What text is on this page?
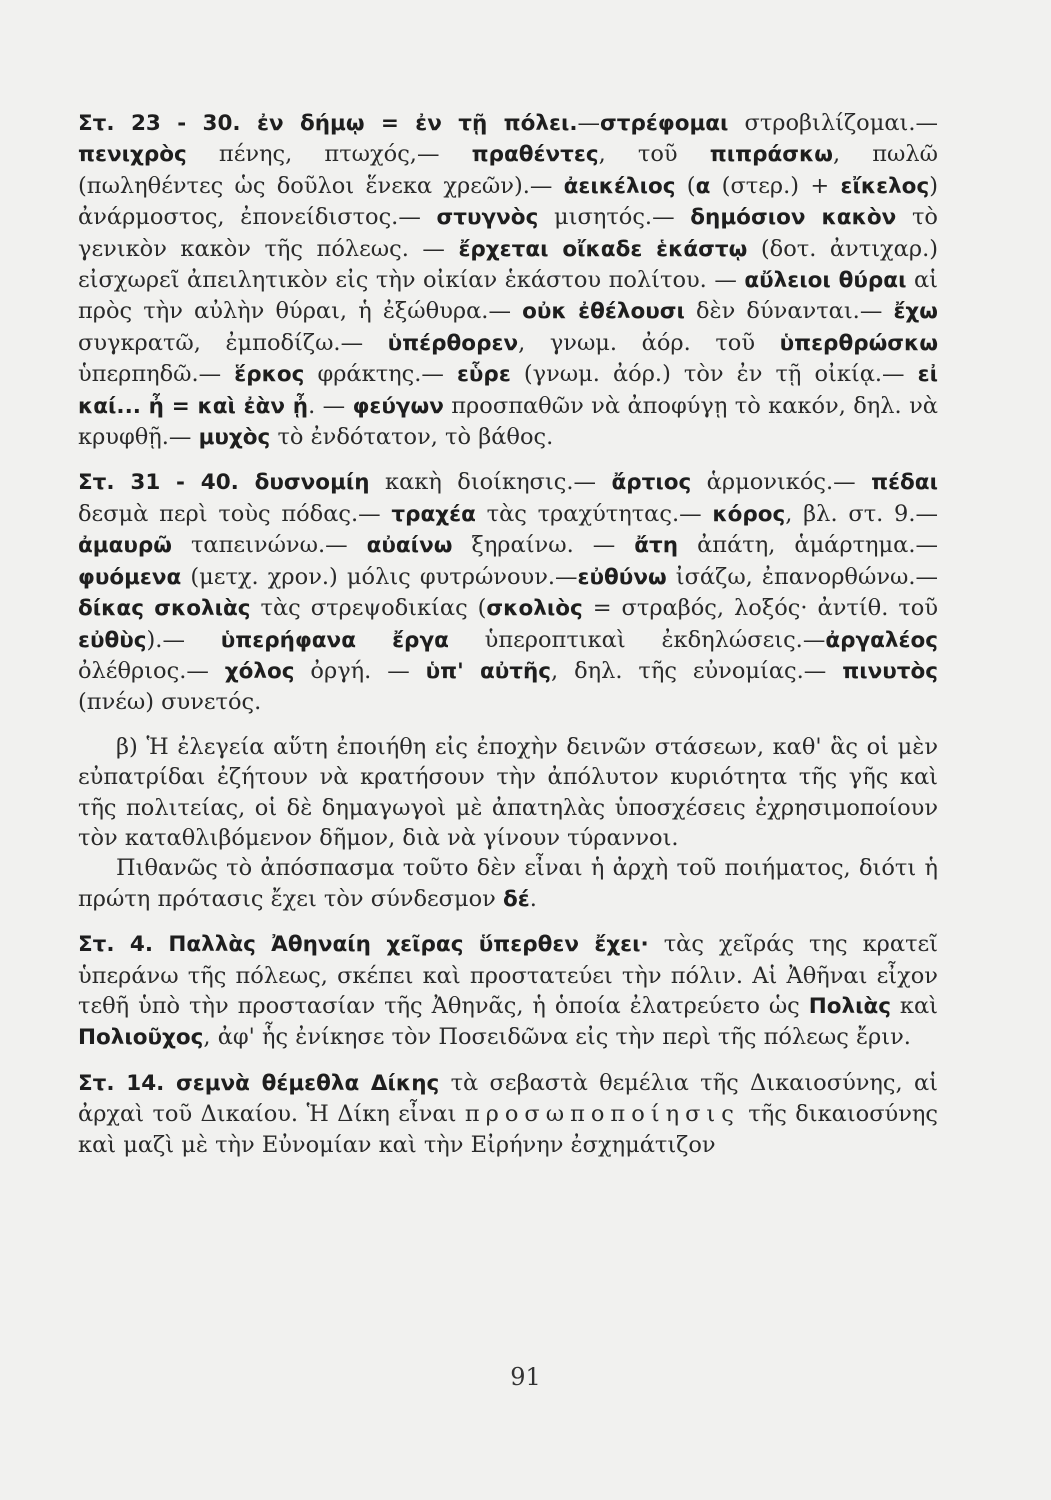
Στ. 23 - 30. ἐν δήμῳ = ἐν τῇ πόλει.—στρέφομαι στροβιλίζομαι.— πενιχρὸς πένης, πτωχός,— πραθέντες, τοῦ πιπράσκω, πωλῶ (πωληθέντες ὡς δοῦλοι ἕνεκα χρεῶν).— ἀεικέλιος (α (στερ.) + εἴκελος) ἀνάρμοστος, ἐπονείδιστος.— στυγνὸς μισητός.— δημόσιον κακὸν τὸ γενικὸν κακὸν τῆς πόλεως. — ἔρχεται οἴκαδε ἑκάστῳ (δοτ. ἀντιχαρ.) εἰσχωρεῖ ἀπειλητικὸν εἰς τὴν οἰκίαν ἑκάστου πολίτου. — αὔλειοι θύραι αἱ πρὸς τὴν αὐλὴν θύραι, ἡ ἐξώθυρα.— οὐκ ἐθέλουσι δὲν δύνανται.— ἔχω συγκρατῶ, ἐμποδίζω.— ὑπέρθορεν, γνωμ. ἀόρ. τοῦ ὑπερθρώσκω ὑπερπηδῶ.— ἕρκος φράκτης.— εὗρε (γνωμ. ἀόρ.) τὸν ἐν τῇ οἰκίᾳ.— εἰ καί... ἦ = καὶ ἐὰν ᾖ. — φεύγων προσπαθῶν νὰ ἀποφύγῃ τὸ κακόν, δηλ. νὰ κρυφθῇ.— μυχὸς τὸ ἐνδότατον, τὸ βάθος.

Στ. 31 - 40. δυσνομίη κακὴ διοίκησις.— ἄρτιος ἁρμονικός.— πέδαι δεσμὰ περὶ τοὺς πόδας.— τραχέα τὰς τραχύτητας.— κόρος, βλ. στ. 9.— ἀμαυρῶ ταπεινώνω.— αὐαίνω ξηραίνω. — ἄτη ἀπάτη, ἁμάρτημα.— φυόμενα (μετχ. χρον.) μόλις φυτρώνουν.—εὐθύνω ἰσάζω, ἐπανορθώνω.— δίκας σκολιὰς τὰς στρεψοδικίας (σκολιὸς = στραβός, λοξός· ἀντίθ. τοῦ εὐθὺς).— ὑπερήφανα ἔργα ὑπεροπτικαὶ ἐκδηλώσεις.—ἀργαλέος ὀλέθριος.— χόλος ὀργή. — ὑπ' αὐτῆς, δηλ. τῆς εὐνομίας.— πινυτὸς (πνέω) συνετός.

β) Ἡ ἐλεγεία αὕτη ἐποιήθη εἰς ἐποχὴν δεινῶν στάσεων, καθ' ἃς οἱ μὲν εὐπατρίδαι ἐζήτουν νὰ κρατήσουν τὴν ἀπόλυτον κυριότητα τῆς γῆς καὶ τῆς πολιτείας, οἱ δὲ δημαγωγοὶ μὲ ἀπατηλὰς ὑποσχέσεις ἐχρησιμοποίουν τὸν καταθλιβόμενον δῆμον, διὰ νὰ γίνουν τύραννοι.

Πιθανῶς τὸ ἀπόσπασμα τοῦτο δὲν εἶναι ἡ ἀρχὴ τοῦ ποιήματος, διότι ἡ πρώτη πρότασις ἔχει τὸν σύνδεσμον δέ.

Στ. 4. Παλλὰς Ἀθηναίη χεῖρας ὕπερθεν ἔχει· τὰς χεῖράς της κρατεῖ ὑπεράνω τῆς πόλεως, σκέπει καὶ προστατεύει τὴν πόλιν. Αἱ Ἀθῆναι εἶχον τεθῆ ὑπὸ τὴν προστασίαν τῆς Ἀθηνᾶς, ἡ ὁποία ἐλατρεύετο ὡς Πολιὰς καὶ Πολιοῦχος, ἀφ' ἧς ἐνίκησε τὸν Ποσειδῶνα εἰς τὴν περὶ τῆς πόλεως ἔριν.

Στ. 14. σεμνὰ θέμεθλα Δίκης τὰ σεβαστὰ θεμέλια τῆς Δικαιοσύνης, αἱ ἀρχαὶ τοῦ Δικαίου. Ἡ Δίκη εἶναι προσωποποίησις τῆς δικαιοσύνης καὶ μαζὶ μὲ τὴν Εὐνομίαν καὶ τὴν Εἰρήνην ἐσχημάτιζον

91
